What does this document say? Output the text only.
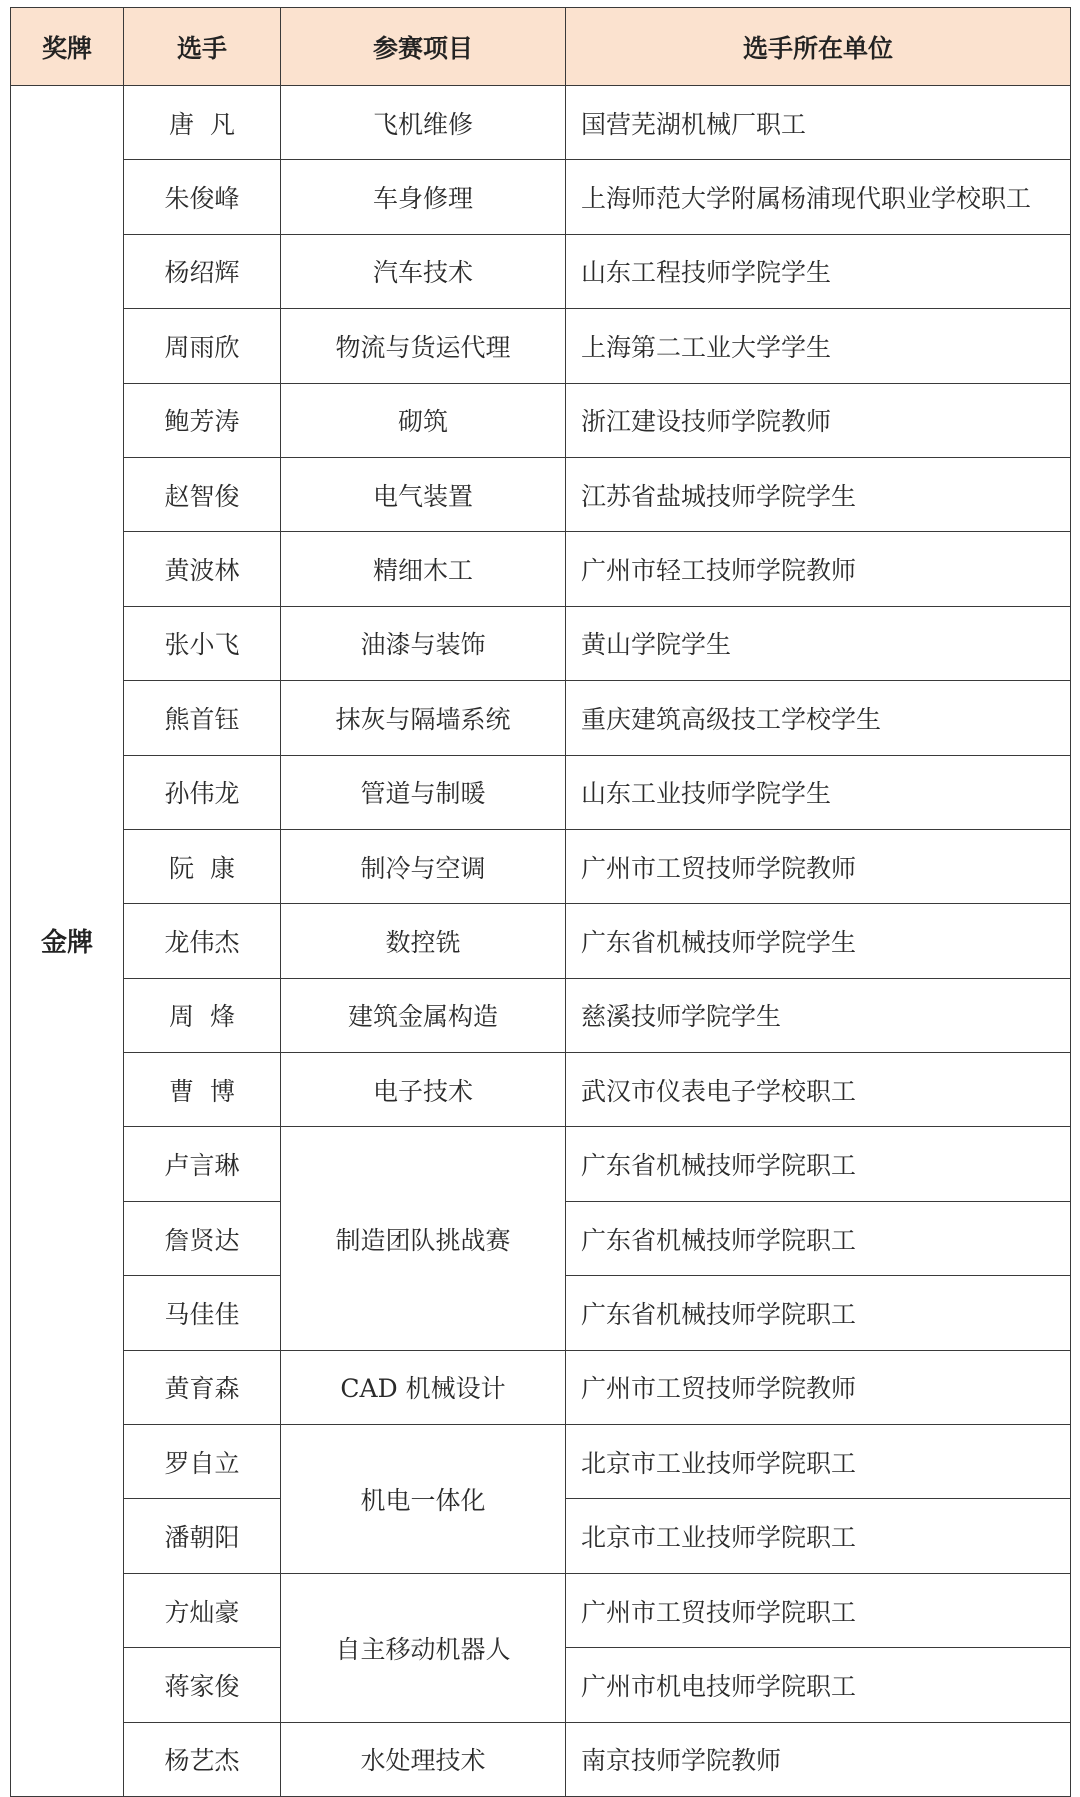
奖牌	选手	参赛项目	选手所在单位
金牌	唐  凡	飞机维修	国营芜湖机械厂职工
	朱俊峰	车身修理	上海师范大学附属杨浦现代职业学校职工
	杨绍辉	汽车技术	山东工程技师学院学生
	周雨欣	物流与货运代理	上海第二工业大学学生
	鲍芳涛	砌筑	浙江建设技师学院教师
	赵智俊	电气装置	江苏省盐城技师学院学生
	黄波林	精细木工	广州市轻工技师学院教师
	张小飞	油漆与装饰	黄山学院学生
	熊首钰	抹灰与隔墙系统	重庆建筑高级技工学校学生
	孙伟龙	管道与制暖	山东工业技师学院学生
	阮  康	制冷与空调	广州市工贸技师学院教师
	龙伟杰	数控铣	广东省机械技师学院学生
	周  烽	建筑金属构造	慈溪技师学院学生
	曹  博	电子技术	武汉市仪表电子学校职工
	卢言琳	制造团队挑战赛	广东省机械技师学院职工
	詹贤达		广东省机械技师学院职工
	马佳佳		广东省机械技师学院职工
	黄育森	CAD 机械设计	广州市工贸技师学院教师
	罗自立	机电一体化	北京市工业技师学院职工
	潘朝阳		北京市工业技师学院职工
	方灿豪	自主移动机器人	广州市工贸技师学院职工
	蒋家俊		广州市机电技师学院职工
	杨艺杰	水处理技术	南京技师学院教师
